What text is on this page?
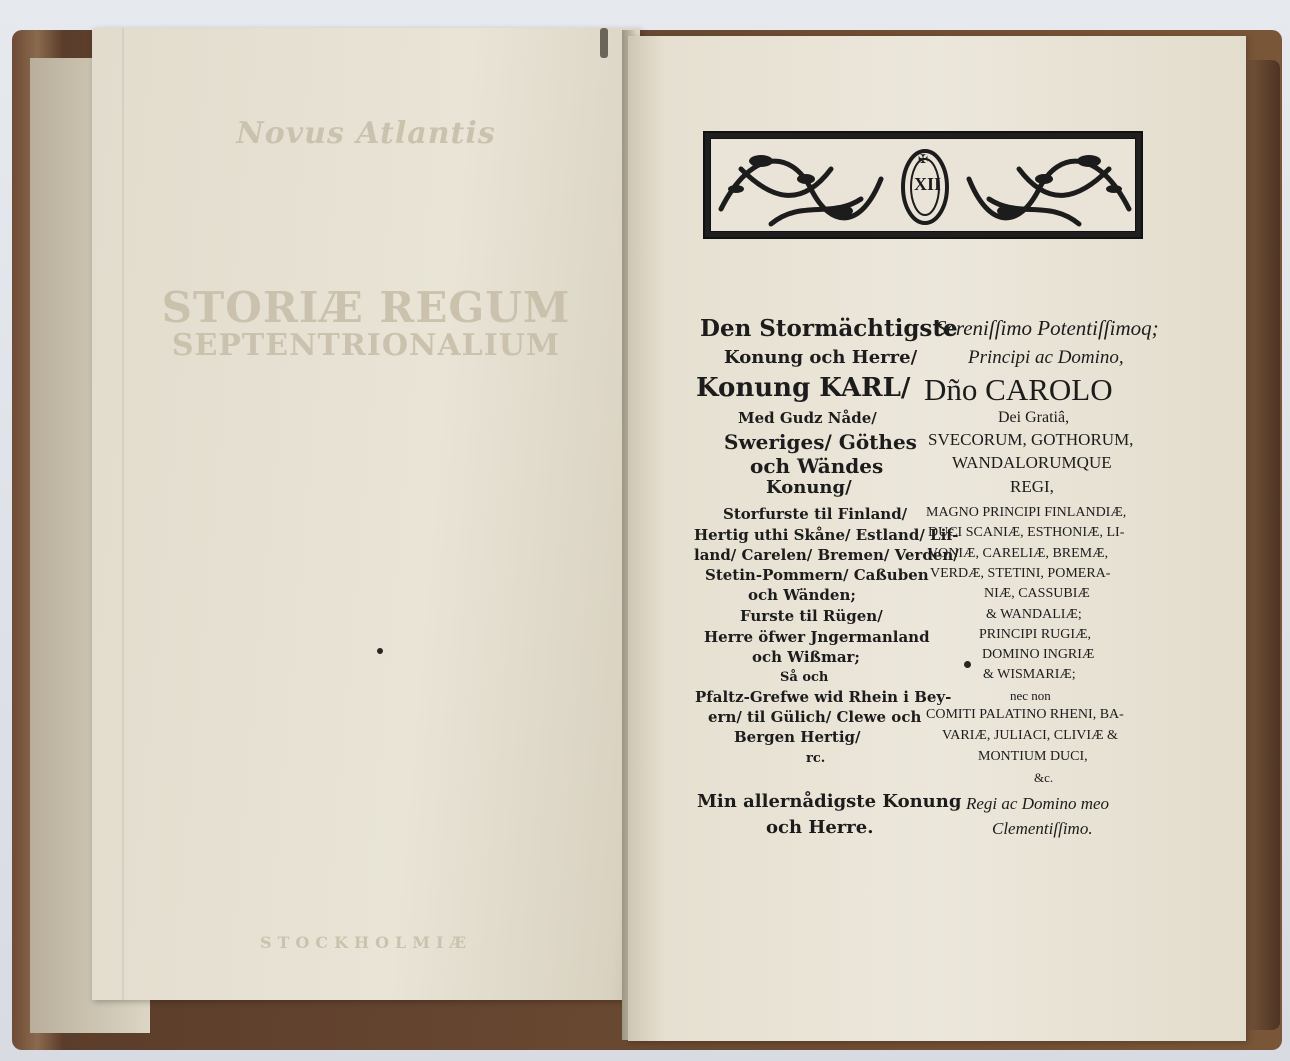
Novus Atlantis
STORIÆ REGUM
SEPTENTRIONALIUM
STOCKHOLMIÆ
XII
✠
Den Stormächtigste
Konung och Herre/
Konung KARL/
Med Gudz Nåde/
Sweriges/ Göthes
och Wändes
Konung/
Storfurste til Finland/
Hertig uthi Skåne/ Estland/ Lif-
land/ Carelen/ Bremen/ Verden/
Stetin-Pommern/ Caßuben
och Wänden;
Furste til Rügen/
Herre öfwer Jngermanland
och Wißmar;
Så och
Pfaltz-Grefwe wid Rhein i Bey-
ern/ til Gülich/ Clewe och
Bergen Hertig/
rc.
Min allernådigste Konung
och Herre.
Sereniſſimo Potentiſſimoq;
Principi ac Domino,
Dño CAROLO
Dei Gratiâ,
SVECORUM, GOTHORUM,
WANDALORUMQUE
REGI,
MAGNO PRINCIPI FINLANDIÆ,
DUCI SCANIÆ, ESTHONIÆ, LI-
VONIÆ, CARELIÆ, BREMÆ,
VERDÆ, STETINI, POMERA-
NIÆ, CASSUBIÆ
& WANDALIÆ;
PRINCIPI RUGIÆ,
DOMINO INGRIÆ
& WISMARIÆ;
nec non
COMITI PALATINO RHENI, BA-
VARIÆ, JULIACI, CLIVIÆ &
MONTIUM DUCI,
&c.
Regi ac Domino meo
Clementiſſimo.
